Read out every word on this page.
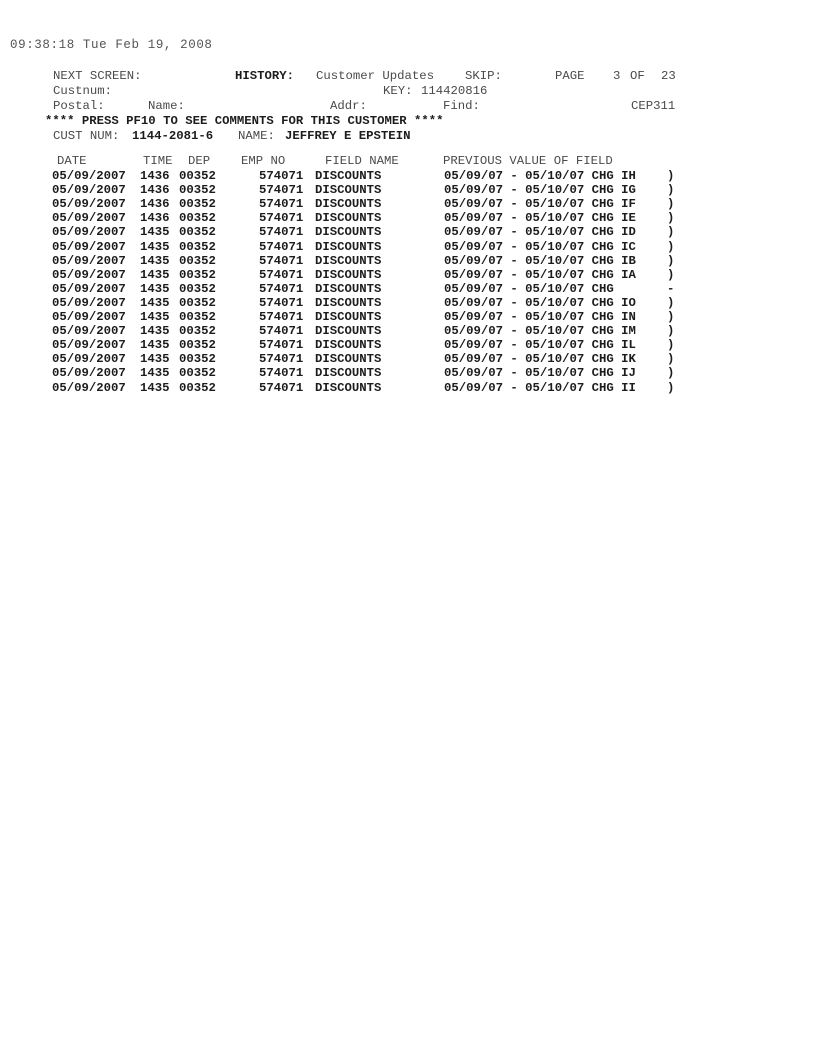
09:38:18 Tue Feb 19, 2008

NEXT SCREEN:

	HISTORY:

Customer Updates

	SKIP:

	PAGE

3

OF

23

Custnum:

	KEY:

114420816

Postal:

	Name:

	Addr:

	Find:

	CEP311

**** PRESS PF10 TO SEE COMMENTS FOR THIS CUSTOMER ****

CUST NUM:

1144-2081-6

NAME:

JEFFREY E EPSTEIN

DATE

	TIME

DEP

	EMP NO

	FIELD NAME

	PREVIOUS VALUE OF FIELD

05/09/2007 1436 00352	574071 DISCOUNTS	05/09/07 - 05/10/07 CHG IH	)
05/09/2007 1436 00352	574071 DISCOUNTS	05/09/07 - 05/10/07 CHG IG	)
05/09/2007 1436 00352	574071 DISCOUNTS	05/09/07 - 05/10/07 CHG IF	)
05/09/2007 1436 00352	574071 DISCOUNTS	05/09/07 - 05/10/07 CHG IE	)
05/09/2007 1435 00352	574071 DISCOUNTS	05/09/07 - 05/10/07 CHG ID	)
05/09/2007 1435 00352	574071 DISCOUNTS	05/09/07 - 05/10/07 CHG IC	)
05/09/2007 1435 00352	574071 DISCOUNTS	05/09/07 - 05/10/07 CHG IB	)
05/09/2007 1435 00352	574071 DISCOUNTS	05/09/07 - 05/10/07 CHG IA	)
05/09/2007 1435 00352	574071 DISCOUNTS	05/09/07 - 05/10/07 CHG	-
05/09/2007 1435 00352	574071 DISCOUNTS	05/09/07 - 05/10/07 CHG IO	)
05/09/2007 1435 00352	574071 DISCOUNTS	05/09/07 - 05/10/07 CHG IN	)
05/09/2007 1435 00352	574071 DISCOUNTS	05/09/07 - 05/10/07 CHG IM	)
05/09/2007 1435 00352	574071 DISCOUNTS	05/09/07 - 05/10/07 CHG IL	)
05/09/2007 1435 00352	574071 DISCOUNTS	05/09/07 - 05/10/07 CHG IK	)
05/09/2007 1435 00352	574071 DISCOUNTS	05/09/07 - 05/10/07 CHG IJ	)
05/09/2007 1435 00352	574071 DISCOUNTS	05/09/07 - 05/10/07 CHG II	)
